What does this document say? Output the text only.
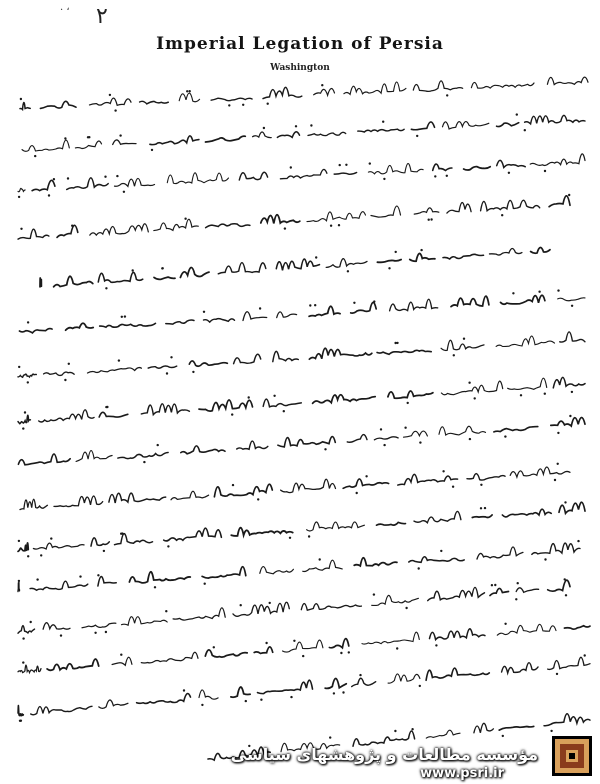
. ، ۲
Imperial Legation of Persia
Washington
مؤسسه مطالعات و پژوهشهای سیاسی
www.psri.ir
